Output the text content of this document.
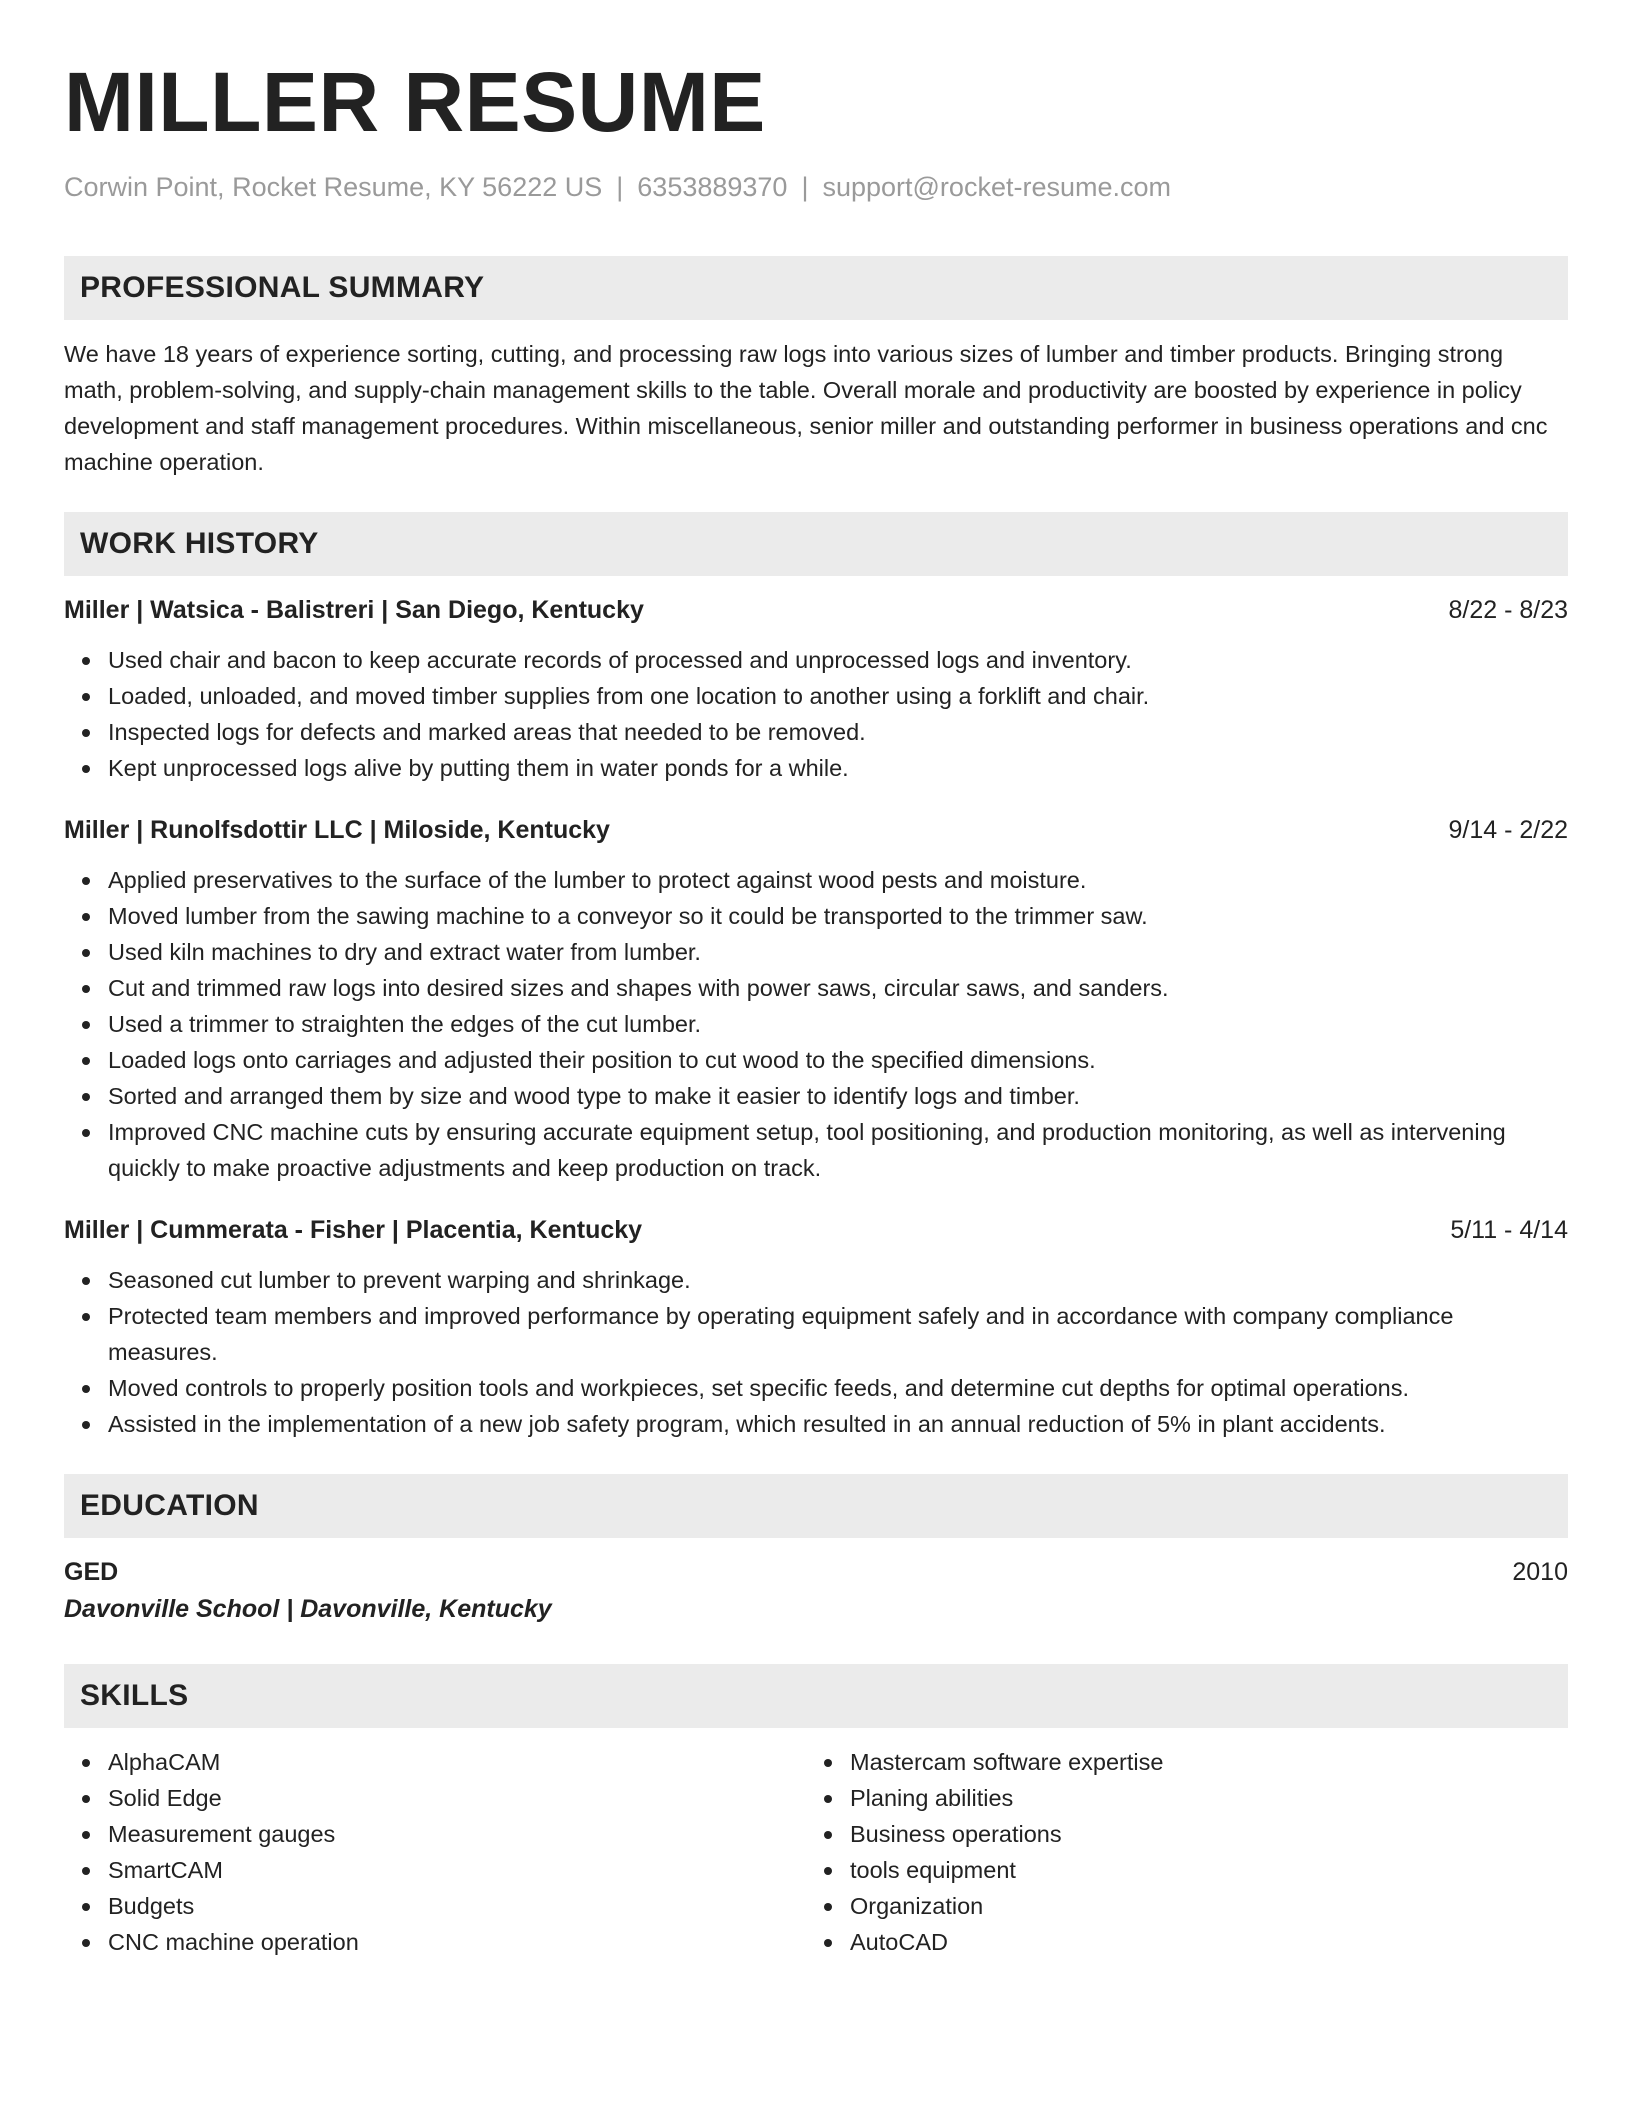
MILLER RESUME
Corwin Point, Rocket Resume, KY 56222 US | 6353889370 | support@rocket-resume.com
PROFESSIONAL SUMMARY
We have 18 years of experience sorting, cutting, and processing raw logs into various sizes of lumber and timber products. Bringing strong math, problem-solving, and supply-chain management skills to the table. Overall morale and productivity are boosted by experience in policy development and staff management procedures. Within miscellaneous, senior miller and outstanding performer in business operations and cnc machine operation.
WORK HISTORY
Miller | Watsica - Balistreri | San Diego, Kentucky	8/22 - 8/23
Used chair and bacon to keep accurate records of processed and unprocessed logs and inventory.
Loaded, unloaded, and moved timber supplies from one location to another using a forklift and chair.
Inspected logs for defects and marked areas that needed to be removed.
Kept unprocessed logs alive by putting them in water ponds for a while.
Miller | Runolfsdottir LLC | Miloside, Kentucky	9/14 - 2/22
Applied preservatives to the surface of the lumber to protect against wood pests and moisture.
Moved lumber from the sawing machine to a conveyor so it could be transported to the trimmer saw.
Used kiln machines to dry and extract water from lumber.
Cut and trimmed raw logs into desired sizes and shapes with power saws, circular saws, and sanders.
Used a trimmer to straighten the edges of the cut lumber.
Loaded logs onto carriages and adjusted their position to cut wood to the specified dimensions.
Sorted and arranged them by size and wood type to make it easier to identify logs and timber.
Improved CNC machine cuts by ensuring accurate equipment setup, tool positioning, and production monitoring, as well as intervening quickly to make proactive adjustments and keep production on track.
Miller | Cummerata - Fisher | Placentia, Kentucky	5/11 - 4/14
Seasoned cut lumber to prevent warping and shrinkage.
Protected team members and improved performance by operating equipment safely and in accordance with company compliance measures.
Moved controls to properly position tools and workpieces, set specific feeds, and determine cut depths for optimal operations.
Assisted in the implementation of a new job safety program, which resulted in an annual reduction of 5% in plant accidents.
EDUCATION
GED	2010
Davonville School | Davonville, Kentucky
SKILLS
AlphaCAM
Solid Edge
Measurement gauges
SmartCAM
Budgets
CNC machine operation
Mastercam software expertise
Planing abilities
Business operations
tools equipment
Organization
AutoCAD
